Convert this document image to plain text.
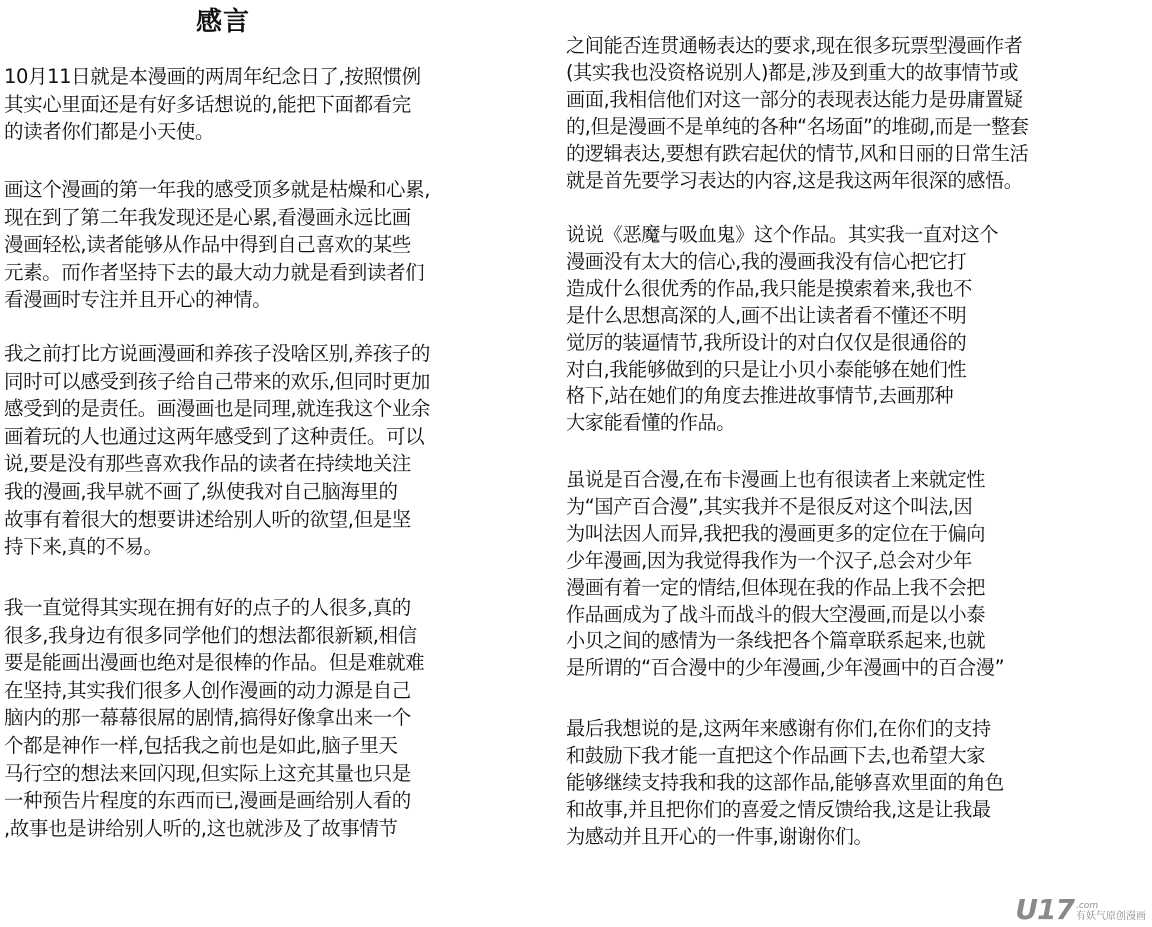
感言
10月11日就是本漫画的两周年纪念日了,按照惯例
其实心里面还是有好多话想说的,能把下面都看完
的读者你们都是小天使。
画这个漫画的第一年我的感受顶多就是枯燥和心累,
现在到了第二年我发现还是心累,看漫画永远比画
漫画轻松,读者能够从作品中得到自己喜欢的某些
元素。而作者坚持下去的最大动力就是看到读者们
看漫画时专注并且开心的神情。
我之前打比方说画漫画和养孩子没啥区别,养孩子的
同时可以感受到孩子给自己带来的欢乐,但同时更加
感受到的是责任。画漫画也是同理,就连我这个业余
画着玩的人也通过这两年感受到了这种责任。可以
说,要是没有那些喜欢我作品的读者在持续地关注
我的漫画,我早就不画了,纵使我对自己脑海里的
故事有着很大的想要讲述给别人听的欲望,但是坚
持下来,真的不易。
我一直觉得其实现在拥有好的点子的人很多,真的
很多,我身边有很多同学他们的想法都很新颖,相信
要是能画出漫画也绝对是很棒的作品。但是难就难
在坚持,其实我们很多人创作漫画的动力源是自己
脑内的那一幕幕很屌的剧情,搞得好像拿出来一个
个都是神作一样,包括我之前也是如此,脑子里天
马行空的想法来回闪现,但实际上这充其量也只是
一种预告片程度的东西而已,漫画是画给别人看的
,故事也是讲给别人听的,这也就涉及了故事情节
之间能否连贯通畅表达的要求,现在很多玩票型漫画作者
(其实我也没资格说别人)都是,涉及到重大的故事情节或
画面,我相信他们对这一部分的表现表达能力是毋庸置疑
的,但是漫画不是单纯的各种“名场面”的堆砌,而是一整套
的逻辑表达,要想有跌宕起伏的情节,风和日丽的日常生活
就是首先要学习表达的内容,这是我这两年很深的感悟。
说说《恶魔与吸血鬼》这个作品。其实我一直对这个
漫画没有太大的信心,我的漫画我没有信心把它打
造成什么很优秀的作品,我只能是摸索着来,我也不
是什么思想高深的人,画不出让读者看不懂还不明
觉厉的装逼情节,我所设计的对白仅仅是很通俗的
对白,我能够做到的只是让小贝小泰能够在她们性
格下,站在她们的角度去推进故事情节,去画那种
大家能看懂的作品。
虽说是百合漫,在布卡漫画上也有很读者上来就定性
为“国产百合漫”,其实我并不是很反对这个叫法,因
为叫法因人而异,我把我的漫画更多的定位在于偏向
少年漫画,因为我觉得我作为一个汉子,总会对少年
漫画有着一定的情结,但体现在我的作品上我不会把
作品画成为了战斗而战斗的假大空漫画,而是以小泰
小贝之间的感情为一条线把各个篇章联系起来,也就
是所谓的“百合漫中的少年漫画,少年漫画中的百合漫”
最后我想说的是,这两年来感谢有你们,在你们的支持
和鼓励下我才能一直把这个作品画下去,也希望大家
能够继续支持我和我的这部作品,能够喜欢里面的角色
和故事,并且把你们的喜爱之情反馈给我,这是让我最
为感动并且开心的一件事,谢谢你们。
U17 .com
有妖气原创漫画
